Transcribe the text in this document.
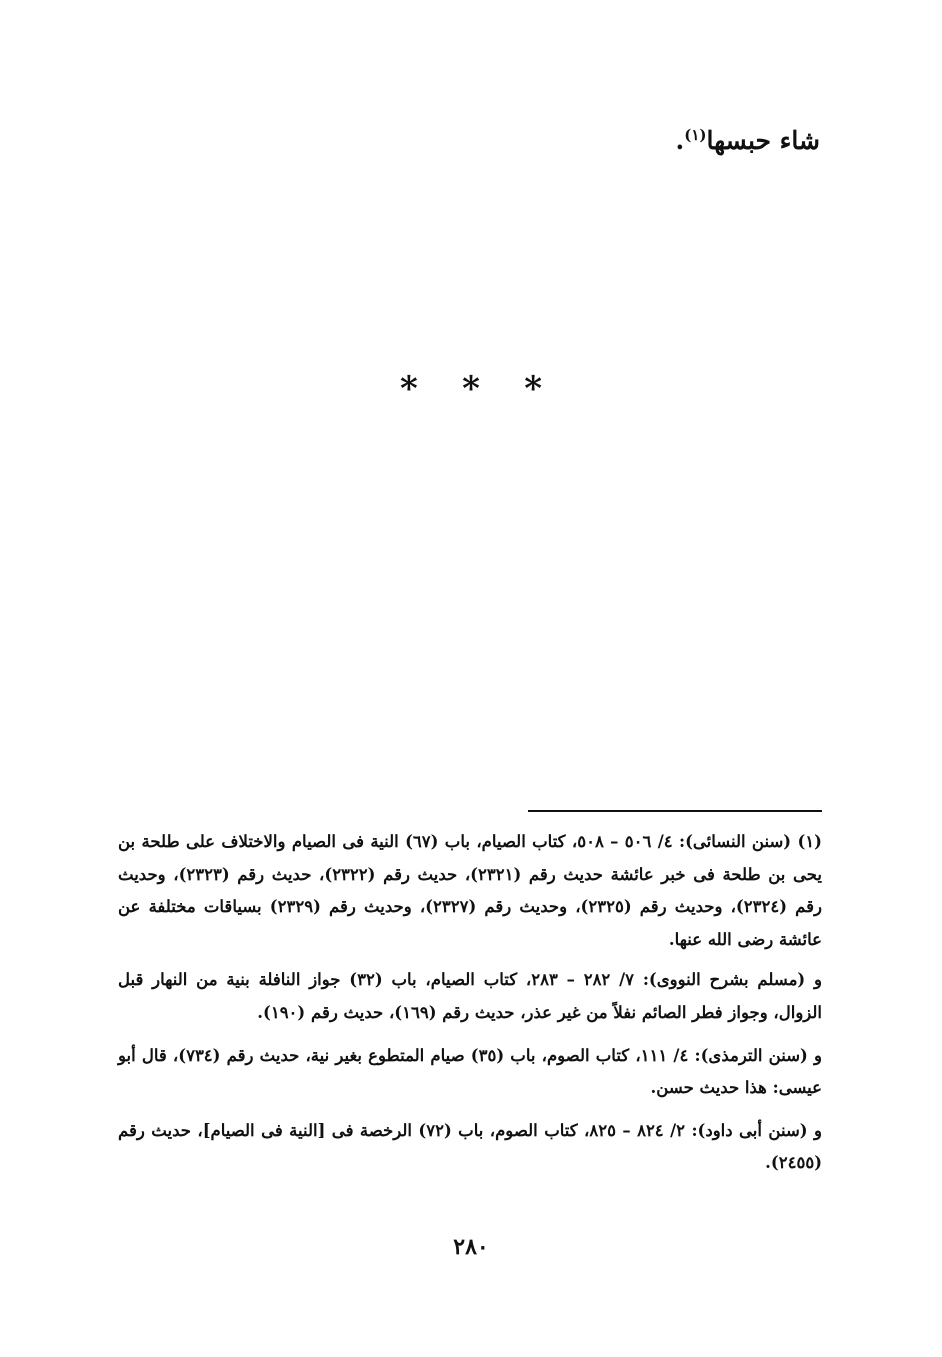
شاء حبسها$^{(١)}$.
* * *

(١) (سنن النسائى): ٤/ ٥٠٦ – ٥٠٨، كتاب الصيام، باب (٦٧) النية فى الصيام والاختلاف على طلحة بن يحى بن طلحة فى خبر عائشة حديث رقم (٢٣٢١)، حديث رقم (٢٣٢٢)، حديث رقم (٢٣٢٣)، وحديث رقم (٢٣٢٤)، وحديث رقم (٢٣٢٥)، وحديث رقم (٢٣٢٧)، وحديث رقم (٢٣٢٩) بسياقات مختلفة عن عائشة رضى الله عنها.

و (مسلم بشرح النووى): ٧/ ٢٨٢ – ٢٨٣، كتاب الصيام، باب (٣٢) جواز النافلة بنية من النهار قبل الزوال، وجواز فطر الصائم نفلاً من غير عذر، حديث رقم (١٦٩)، حديث رقم (١٩٠).

و (سنن الترمذى): ٤/ ١١١، كتاب الصوم، باب (٣٥) صيام المتطوع بغير نية، حديث رقم (٧٣٤)، قال أبو عيسى: هذا حديث حسن.

و (سنن أبى داود): ٢/ ٨٢٤ – ٨٢٥، كتاب الصوم، باب (٧٢) الرخصة فى [النية فى الصيام]، حديث رقم (٢٤٥٥).

٢٨٠
